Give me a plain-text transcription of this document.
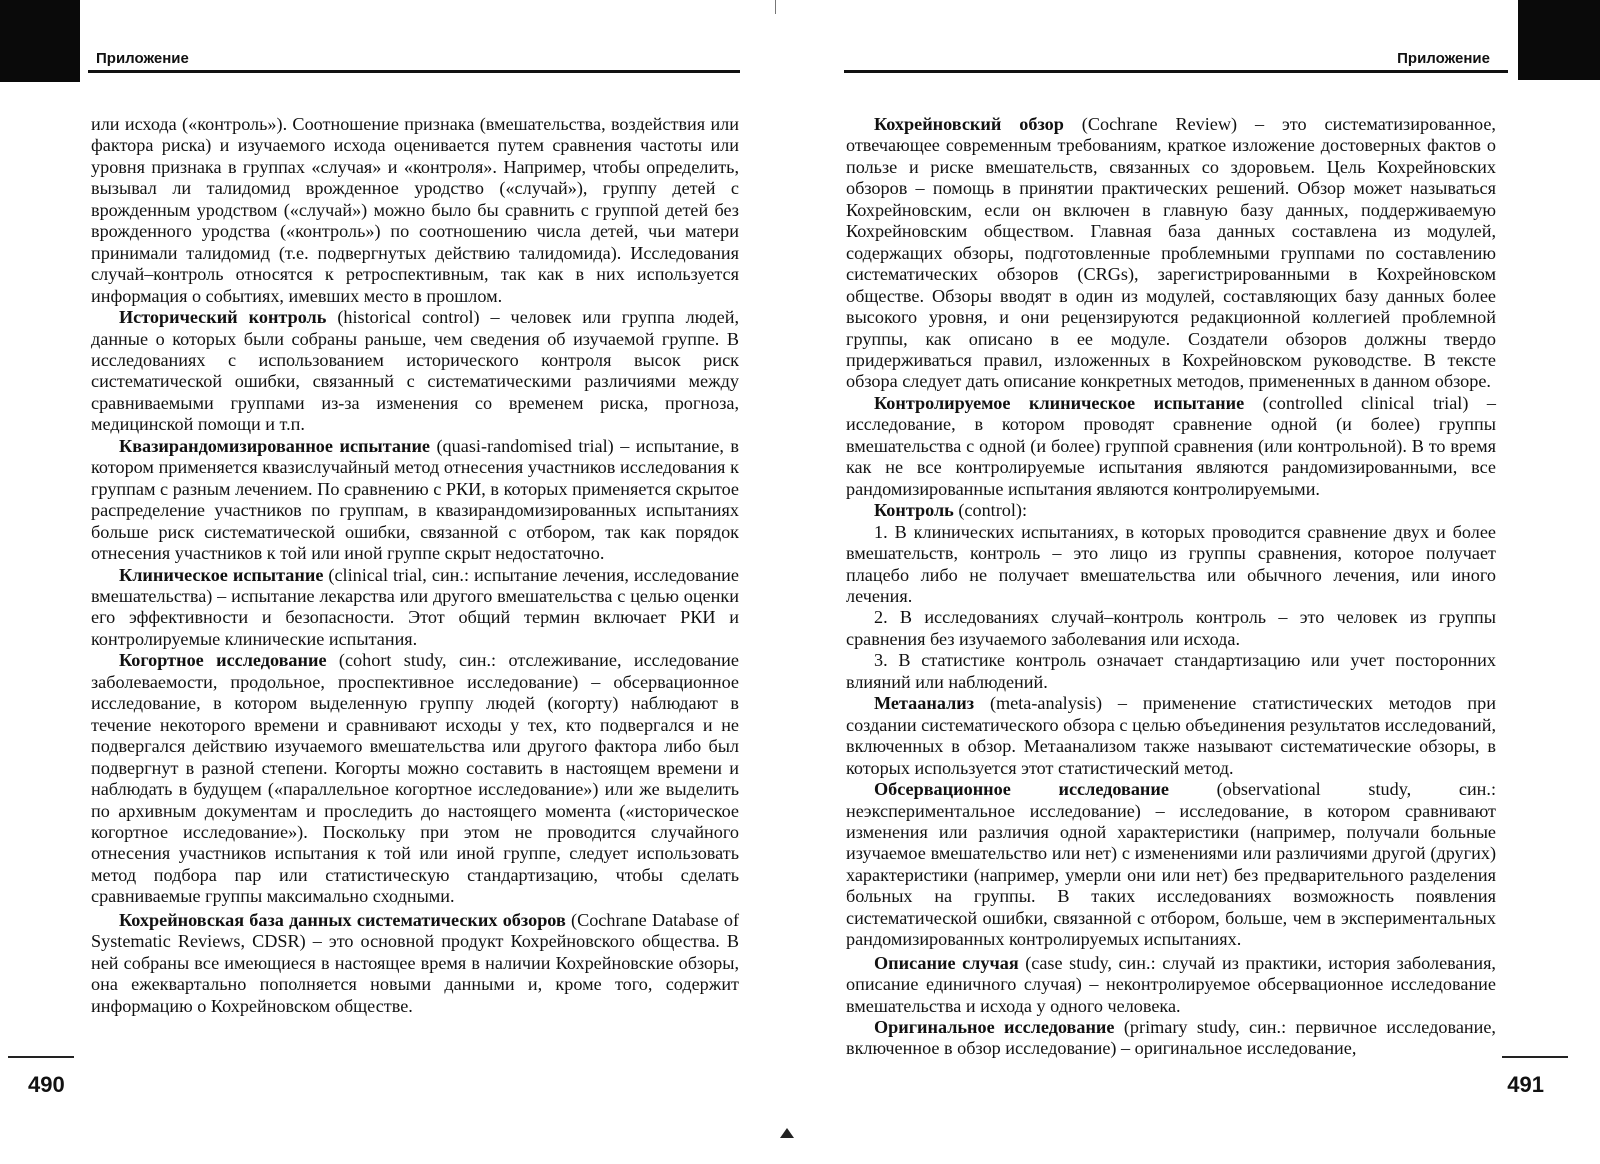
Приложение

или исхода («контроль»). Соотношение признака (вмешательства, воздействия или фактора риска) и изучаемого исхода оценивается путем сравнения частоты или уровня признака в группах «случая» и «контроля». Например, чтобы определить, вызывал ли талидомид врожденное уродство («случай»), группу детей с врожденным уродством («случай») можно было бы сравнить с группой детей без врожденного уродства («контроль») по соотношению числа детей, чьи матери принимали талидомид (т.е. подвергнутых действию талидомида). Исследования случай–контроль относятся к ретроспективным, так как в них используется информация о событиях, имевших место в прошлом.

Исторический контроль (historical control) – человек или группа людей, данные о которых были собраны раньше, чем сведения об изучаемой группе. В исследованиях с использованием исторического контроля высок риск систематической ошибки, связанный с систематическими различиями между сравниваемыми группами из-за изменения со временем риска, прогноза, медицинской помощи и т.п.

Квазирандомизированное испытание (quasi-randomised trial) – испытание, в котором применяется квазислучайный метод отнесения участников исследования к группам с разным лечением. По сравнению с РКИ, в которых применяется скрытое распределение участников по группам, в квазирандомизированных испытаниях больше риск систематической ошибки, связанной с отбором, так как порядок отнесения участников к той или иной группе скрыт недостаточно.

Клиническое испытание (clinical trial, син.: испытание лечения, исследование вмешательства) – испытание лекарства или другого вмешательства с целью оценки его эффективности и безопасности. Этот общий термин включает РКИ и контролируемые клинические испытания.

Когортное исследование (cohort study, син.: отслеживание, исследование заболеваемости, продольное, проспективное исследование) – обсервационное исследование, в котором выделенную группу людей (когорту) наблюдают в течение некоторого времени и сравнивают исходы у тех, кто подвергался и не подвергался действию изучаемого вмешательства или другого фактора либо был подвергнут в разной степени. Когорты можно составить в настоящем времени и наблюдать в будущем («параллельное когортное исследование») или же выделить по архивным документам и проследить до настоящего момента («историческое когортное исследование»). Поскольку при этом не проводится случайного отнесения участников испытания к той или иной группе, следует использовать метод подбора пар или статистическую стандартизацию, чтобы сделать сравниваемые группы максимально сходными.

Кохрейновская база данных систематических обзоров (Cochrane Database of Systematic Reviews, CDSR) – это основной продукт Кохрейновского общества. В ней собраны все имеющиеся в настоящее время в наличии Кохрейновские обзоры, она ежеквартально пополняется новыми данными и, кроме того, содержит информацию о Кохрейновском обществе.

490
Приложение

Кохрейновский обзор (Cochrane Review) – это систематизированное, отвечающее современным требованиям, краткое изложение достоверных фактов о пользе и риске вмешательств, связанных со здоровьем. Цель Кохрейновских обзоров – помощь в принятии практических решений. Обзор может называться Кохрейновским, если он включен в главную базу данных, поддерживаемую Кохрейновским обществом. Главная база данных составлена из модулей, содержащих обзоры, подготовленные проблемными группами по составлению систематических обзоров (CRGs), зарегистрированными в Кохрейновском обществе. Обзоры вводят в один из модулей, составляющих базу данных более высокого уровня, и они рецензируются редакционной коллегией проблемной группы, как описано в ее модуле. Создатели обзоров должны твердо придерживаться правил, изложенных в Кохрейновском руководстве. В тексте обзора следует дать описание конкретных методов, примененных в данном обзоре.

Контролируемое клиническое испытание (controlled clinical trial) – исследование, в котором проводят сравнение одной (и более) группы вмешательства с одной (и более) группой сравнения (или контрольной). В то время как не все контролируемые испытания являются рандомизированными, все рандомизированные испытания являются контролируемыми.

Контроль (control):

1. В клинических испытаниях, в которых проводится сравнение двух и более вмешательств, контроль – это лицо из группы сравнения, которое получает плацебо либо не получает вмешательства или обычного лечения, или иного лечения.

2. В исследованиях случай–контроль контроль – это человек из группы сравнения без изучаемого заболевания или исхода.

3. В статистике контроль означает стандартизацию или учет посторонних влияний или наблюдений.

Метаанализ (meta-analysis) – применение статистических методов при создании систематического обзора с целью объединения результатов исследований, включенных в обзор. Метаанализом также называют систематические обзоры, в которых используется этот статистический метод.

Обсервационное исследование (observational study, син.: неэкспериментальное исследование) – исследование, в котором сравнивают изменения или различия одной характеристики (например, получали больные изучаемое вмешательство или нет) с изменениями или различиями другой (других) характеристики (например, умерли они или нет) без предварительного разделения больных на группы. В таких исследованиях возможность появления систематической ошибки, связанной с отбором, больше, чем в экспериментальных рандомизированных контролируемых испытаниях.

Описание случая (case study, син.: случай из практики, история заболевания, описание единичного случая) – неконтролируемое обсервационное исследование вмешательства и исхода у одного человека.

Оригинальное исследование (primary study, син.: первичное исследование, включенное в обзор исследование) – оригинальное исследование,

491
